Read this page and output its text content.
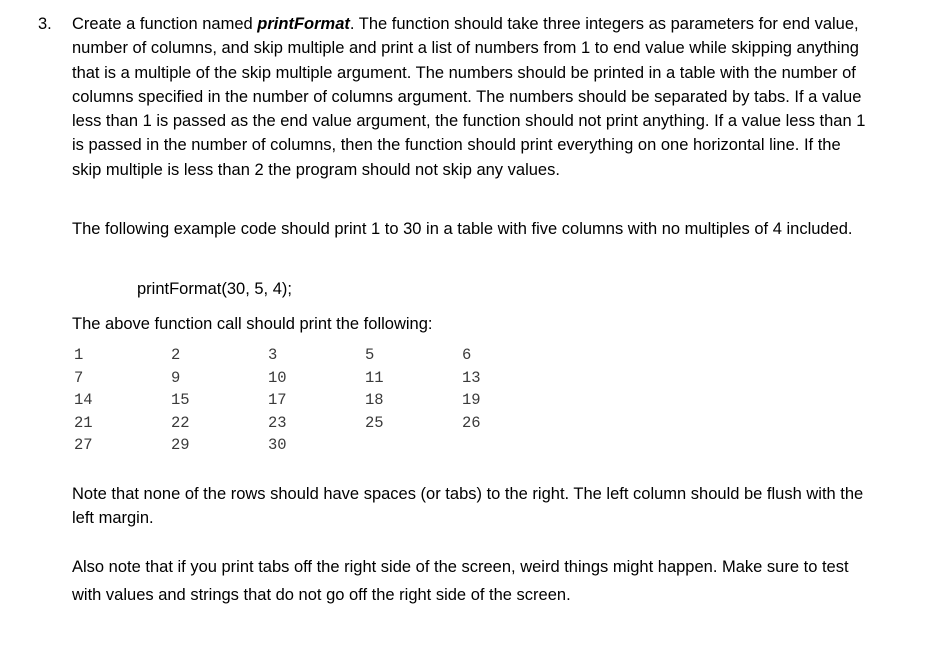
3. Create a function named printFormat. The function should take three integers as parameters for end value, number of columns, and skip multiple and print a list of numbers from 1 to end value while skipping anything that is a multiple of the skip multiple argument. The numbers should be printed in a table with the number of columns specified in the number of columns argument. The numbers should be separated by tabs. If a value less than 1 is passed as the end value argument, the function should not print anything. If a value less than 1 is passed in the number of columns, then the function should print everything on one horizontal line. If the skip multiple is less than 2 the program should not skip any values.
The following example code should print 1 to 30 in a table with five columns with no multiples of 4 included.
printFormat(30, 5, 4);
The above function call should print the following:
1	2	3	5	6
7	9	10	11	13
14	15	17	18	19
21	22	23	25	26
27	29	30
Note that none of the rows should have spaces (or tabs) to the right. The left column should be flush with the left margin.
Also note that if you print tabs off the right side of the screen, weird things might happen. Make sure to test with values and strings that do not go off the right side of the screen.
